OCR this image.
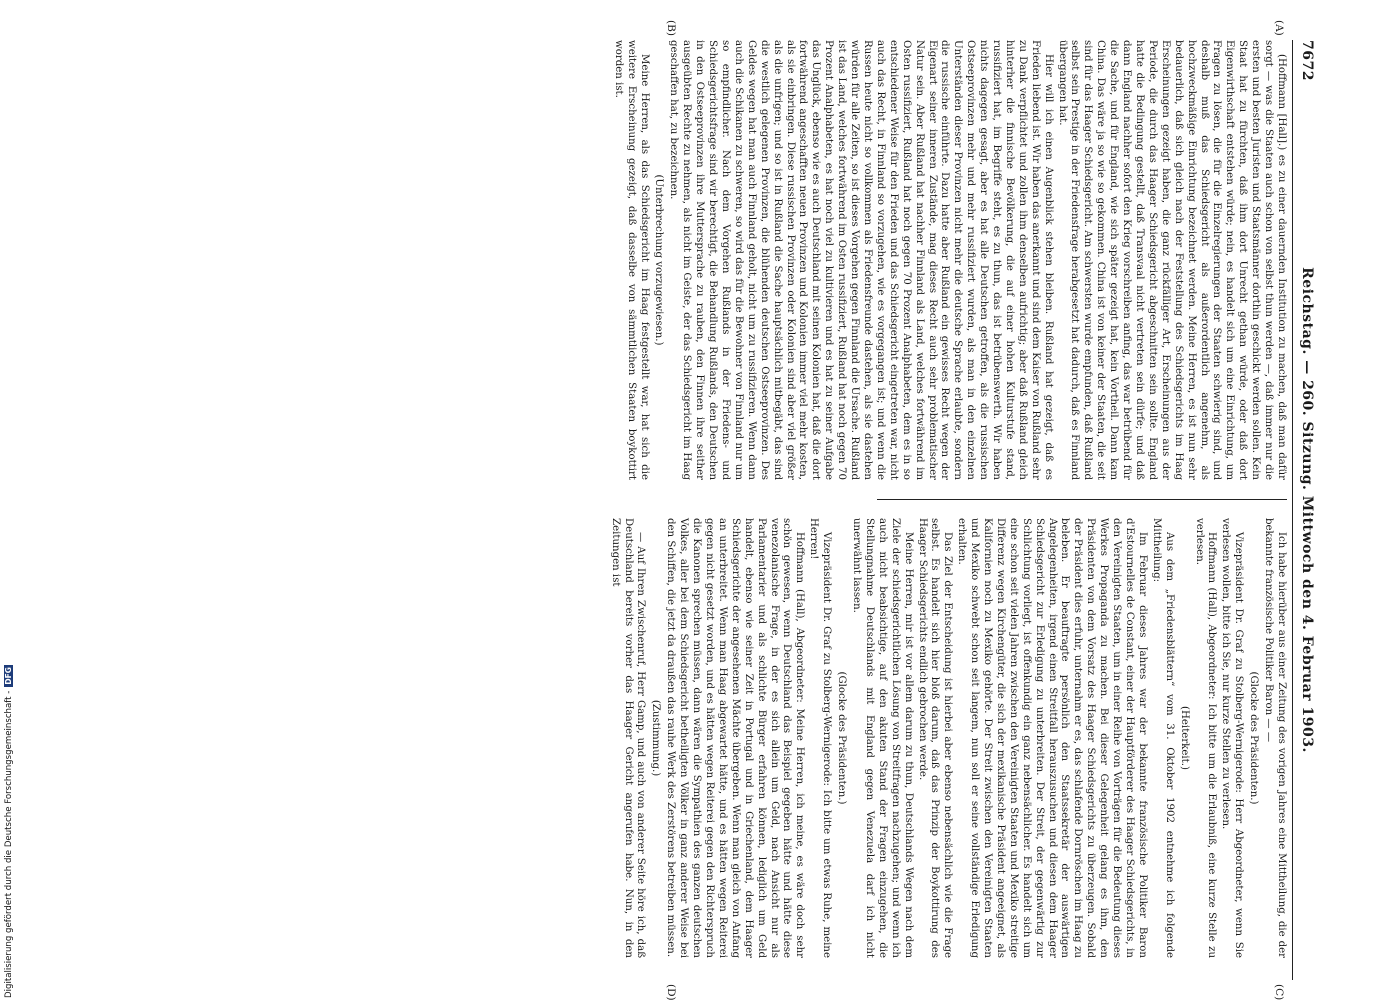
7672
Reichstag. — 260. Sitzung. Mittwoch den 4. Februar 1903.

(Hoffmann [Hall].) es zu einer dauernden Institution zu machen, daß man dafür sorgt — was die Staaten auch schon von selbst thun werden —, daß immer nur die ersten und besten Juristen und Staatsmänner dorthin geschickt werden sollen. Kein Staat hat zu fürchten, daß ihm dort Unrecht gethan würde, oder daß dort Eigenwirthschaft entstehen würde; nein, es handelt sich um eine Einrichtung, um Fragen zu lösen, die für die Einzelregierungen der Staaten schwierig sind, und deshalb muß das Schiedsgericht als außerordentlich angenehm, als hochzweckmäßige Einrichtung bezeichnet werden. Meine Herren, es ist nun sehr bedauerlich, daß sich gleich nach der Feststellung des Schiedsgerichts im Haag Erscheinungen gezeigt haben, die ganz rückfälliger Art, Erscheinungen aus der Periode, die durch das Haager Schiedsgericht abgeschnitten sein sollte. England hatte die Bedingung gestellt, daß Transvaal nicht vertreten sein dürfe; und daß dann England nachher sofort den Krieg vorschreiben anfing, das war betrübend für die Sache, und für England, wie sich später gezeigt hat, kein Vortheil. Dann kam China. Das wäre ja so wie so gekommen. China ist von keiner der Staaten, die seit sind für das Haager Schiedsgericht. Am schwersten wurde empfunden, daß Rußland selbst sein Prestige in der Friedensfrage herabgesetzt hat dadurch, daß es Finnland übergangen hat.

Hier will ich einen Augenblick stehen bleiben. Rußland hat gezeigt, daß es Frieden liebend ist. Wir haben das anerkannt und sind dem Kaiser von Rußland sehr zu Dank verpflichtet und zollen ihm denselben aufrichtig; aber daß Rußland gleich hinterher die finnische Bevölkerung, die auf einer hohen Kulturstufe stand, russifiziert hat, im Begriffe steht, es zu thun, das ist betrübenswerth. Wir haben nichts dagegen gesagt, aber es hat alle Deutschen getroffen, als die russischen Ostseeprovinzen mehr und mehr russifiziert wurden, als man in den einzelnen Unterständen dieser Provinzen nicht mehr die deutsche Sprache erlaubte, sondern die russische einführte. Dazu hatte aber Rußland ein gewisses Recht wegen der Eigenart seiner inneren Zustände, mag dieses Recht auch sehr problematischer Natur sein. Aber Rußland hat nachher Finnland als Land, welches fortwährend im Osten russifiziert, Rußland hat noch gegen 70 Prozent Analphabeten, dem es in so entschiedener Weise für den Frieden und das Schiedsgericht eingetreten war, nicht auch das Recht, in Finnland so vorzugehen, wie es vorgegangen ist; und wenn die Russen heute nicht so vollkommen als Friedensfreunde dastehen, als sie dastehen würden für alle Zeiten, so ist dieses Vorgehen gegen Finnland die Ursache. Rußland ist das Land, welches fortwährend im Osten russifiziert, Rußland hat noch gegen 70 Prozent Analphabeten, es hat noch viel zu kultivieren und es hat zu seiner Aufgabe das Unglück, ebenso wie es auch Deutschland mit seinen Kolonien hat, daß die dort fortwährend angeschafften neuen Provinzen und Kolonien immer viel mehr kosten, als sie einbringen. Diese russischen Provinzen oder Kolonien sind aber viel größer als die unfrigen; und so ist in Rußland die Sache hauptsächlich mitbegäbt, das sind die westlich gelegenen Provinzen, die blühenden deutschen Ostseeprovinzen. Des Geldes wegen hat man auch Finnland geholt, nicht um zu russifizieren. Wenn dann auch die Schikanen zu schweren, so wird das für die Bewohner von Finnland nur um so empfindlicher. Nach dem Vorgehen Rußlands in der Friedens- und Schiedsgerichtsfrage sind wir berechtigt, die Behandlung Rußlands, den Deutschen in den Ostseeprovinzen ihre Muttersprache zu rauben, den Finnen ihre seither ausgeübten Rechte zu nehmen, als nicht im Geiste, der das Schiedsgericht im Haag geschaffen hat, zu bezeichnen.

(Unterbrechung vorzugewiesen.)

Meine Herren, als das Schiedsgericht im Haag festgestellt war, hat sich die weitere Erscheinung gezeigt, daß dasselbe von sämmtlichen Staaten boykottirt worden ist.

Ich habe hierüber aus einer Zeitung des vorigen Jahres eine Mittheilung, die der bekannte französische Politiker Baron — —

(Glocke des Präsidenten.)

Vizepräsident Dr. Graf zu Stolberg-Wernigerode: Herr Abgeordneter, wenn Sie verlesen wollen, bitte ich Sie, nur kurze Stellen zu verlesen.

Hoffmann (Hall), Abgeordneter: Ich bitte um die Erlaubniß, eine kurze Stelle zu verlesen.

(Heiterkeit.)

Aus dem „Friedensblättern“ vom 31. Oktober 1902 entnehme ich folgende Mittheilung:

Im Februar dieses Jahres war der bekannte französische Politiker Baron d'Estournelles de Constant, einer der Hauptförderer des Haager Schiedsgerichts, in den Vereinigten Staaten, um in einer Reihe von Vorträgen für die Bedeutung dieses Werkes Propaganda zu machen. Bei dieser Gelegenheit gelang es ihm, den Präsidenten von dem Vorsatz des Haager Schiedsgerichts zu überzeugen. Sobald der Präsident dies erfuhr, unternahm er es, das schlafende Dornröschen im Haag zu beleben. Er beauftragte persönlich den Staatssekretär der auswärtigen Angelegenheiten, irgend einen Streitfall herauszusuchen und diesen dem Haager Schiedsgericht zur Erledigung zu unterbreiten. Der Streit, der gegenwärtig zur Schlichtung vorliegt, ist offenkundig ein ganz nebensächlicher. Es handelt sich um eine schon seit vielen Jahren zwischen den Vereinigten Staaten und Mexiko streitige Differenz wegen Kirchengüter, die sich der mexikanische Präsident angeeignet, als Kalifornien noch zu Mexiko gehörte. Der Streit zwischen den Vereinigten Staaten und Mexiko schwebt schon seit langem, nun soll er seine vollständige Erledigung erhalten.

Das Ziel der Entscheidung ist hierbei aber ebenso nebensächlich wie die Frage selbst. Es handelt sich hier bloß darum, daß das Prinzip der Boykottirung des Haager Schiedsgerichts endlich gebrochen werde.

Meine Herren, mir ist vor allem darum zu thun, Deutschlands Wegen nach dem Ziele der schiedsgerichtlichen Lösung von Streitfragen nachzugehen; und wenn ich auch nicht beabsichtige, auf den akuten Stand der Fragen einzugehen, die Stellungnahme Deutschlands mit England gegen Venezuela darf ich nicht unerwähnt lassen.

(Glocke des Präsidenten.)

Vizepräsident Dr. Graf zu Stolberg-Wernigerode: Ich bitte um etwas Ruhe, meine Herren!

Hoffmann (Hall), Abgeordneter: Meine Herren, ich meine, es wäre doch sehr schön gewesen, wenn Deutschland das Beispiel gegeben hätte und hätte diese venezolanische Frage, in der es sich allein um Geld, nach Ansicht nur als Parlamentarier und als schlichte Bürger erfahren können, lediglich um Geld handelt, ebenso wie seiner Zeit in Portugal und in Griechenland, dem Haager Schiedsgerichte der angesehenen Mächte übergeben. Wenn man gleich von Anfang an unterbreitet. Wenn man Haag abgewartet hätte, und es hätten wegen Reiterei gegen nicht gesetzt worden, und es hätten wegen Reiterei gegen den Richterspruch die Kanonen sprechen müssen, dann wären die Sympathien des ganzen deutschen Volkes, aller bei dem Schiedsgericht betheiligten Völker in ganz anderer Weise bei den Schiffen, die jetzt da draußen das rauhe Werk des Zerstörens betreiben müssen.

(Zustimmung.)

— Auf Ihren Zwischenruf, Herr Gamp, und auch von anderer Seite höre ich, daß Deutschland bereits vorher das Haager Gericht angerufen habe. Nun, in den Zeitungen ist

(A)
(B)
(C)
(D)
Digitalisierung gefördert durch die Deutsche Forschungsgemeinschaft -DFG
